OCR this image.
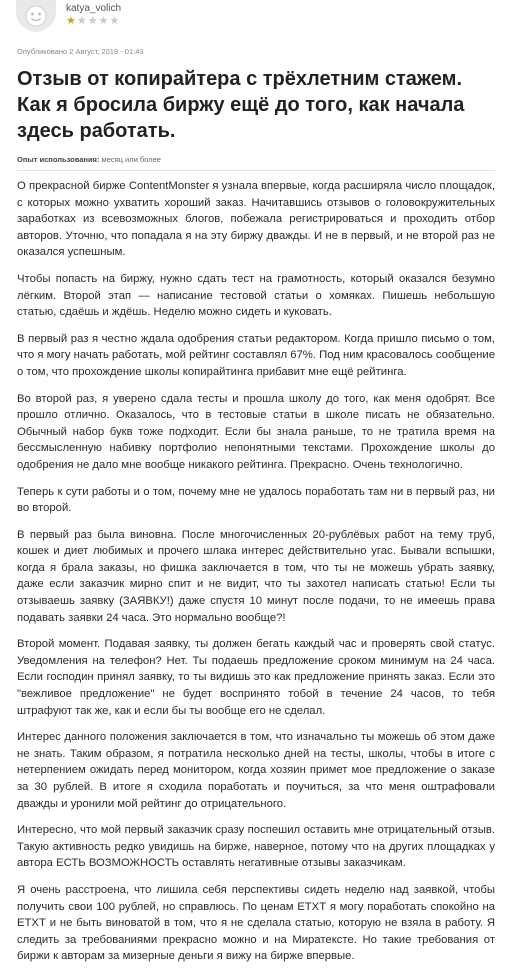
katya_volich
★★★★★
Опубликовано 2 Август, 2019 - 01:43
Отзыв от копирайтера с трёхлетним стажем. Как я бросила биржу ещё до того, как начала здесь работать.
Опыт использования: месяц или более

О прекрасной бирже ContentMonster я узнала впервые, когда расширяла число площадок, с которых можно ухватить хороший заказ. Начитавшись отзывов о головокружительных заработках из всевозможных блогов, побежала регистрироваться и проходить отбор авторов. Уточню, что попадала я на эту биржу дважды. И не в первый, и не второй раз не оказался успешным.

Чтобы попасть на биржу, нужно сдать тест на грамотность, который оказался безумно лёгким. Второй этап — написание тестовой статьи о хомяках. Пишешь небольшую статью, сдаёшь и ждёшь. Неделю можно сидеть и куковать.

В первый раз я честно ждала одобрения статьи редактором. Когда пришло письмо о том, что я могу начать работать, мой рейтинг составлял 67%. Под ним красовалось сообщение о том, что прохождение школы копирайтинга прибавит мне ещё рейтинга.

Во второй раз, я уверено сдала тесты и прошла школу до того, как меня одобрят. Все прошло отлично. Оказалось, что в тестовые статьи в школе писать не обязательно. Обычный набор букв тоже подходит. Если бы знала раньше, то не тратила время на бессмысленную набивку портфолио непонятными текстами. Прохождение школы до одобрения не дало мне вообще никакого рейтинга. Прекрасно. Очень технологично.

Теперь к сути работы и о том, почему мне не удалось поработать там ни в первый раз, ни во второй.

В первый раз была виновна. После многочисленных 20-рублёвых работ на тему труб, кошек и диет любимых и прочего шлака интерес действительно угас. Бывали вспышки, когда я брала заказы, но фишка заключается в том, что ты не можешь убрать заявку, даже если заказчик мирно спит и не видит, что ты захотел написать статью! Если ты отзываешь заявку (ЗАЯВКУ!) даже спустя 10 минут после подачи, то не имеешь права подавать заявки 24 часа. Это нормально вообще?!

Второй момент. Подавая заявку, ты должен бегать каждый час и проверять свой статус. Уведомления на телефон? Нет. Ты подаешь предложение сроком минимум на 24 часа. Если господин принял заявку, то ты видишь это как предложение принять заказ. Если это "вежливое предложение" не будет воспринято тобой в течение 24 часов, то тебя штрафуют так же, как и если бы ты вообще его не сделал.

Интерес данного положения заключается в том, что изначально ты можешь об этом даже не знать. Таким образом, я потратила несколько дней на тесты, школы, чтобы в итоге с нетерпением ожидать перед монитором, когда хозяин примет мое предложение о заказе за 30 рублей. В итоге я сходила поработать и поучиться, за что меня оштрафовали дважды и уронили мой рейтинг до отрицательного.

Интересно, что мой первый заказчик сразу поспешил оставить мне отрицательный отзыв. Такую активность редко увидишь на бирже, наверное, потому что на других площадках у автора ЕСТЬ ВОЗМОЖНОСТЬ оставлять негативные отзывы заказчикам.

Я очень расстроена, что лишила себя перспективы сидеть неделю над заявкой, чтобы получить свои 100 рублей, но справлюсь. По ценам ЕТХТ я могу поработать спокойно на ЕТХТ и не быть виноватой в том, что я не сделала статью, которую не взяла в работу. Я следить за требованиями прекрасно можно и на Миратексте. Но такие требования от биржи к авторам за мизерные деньги я вижу на бирже впервые.
